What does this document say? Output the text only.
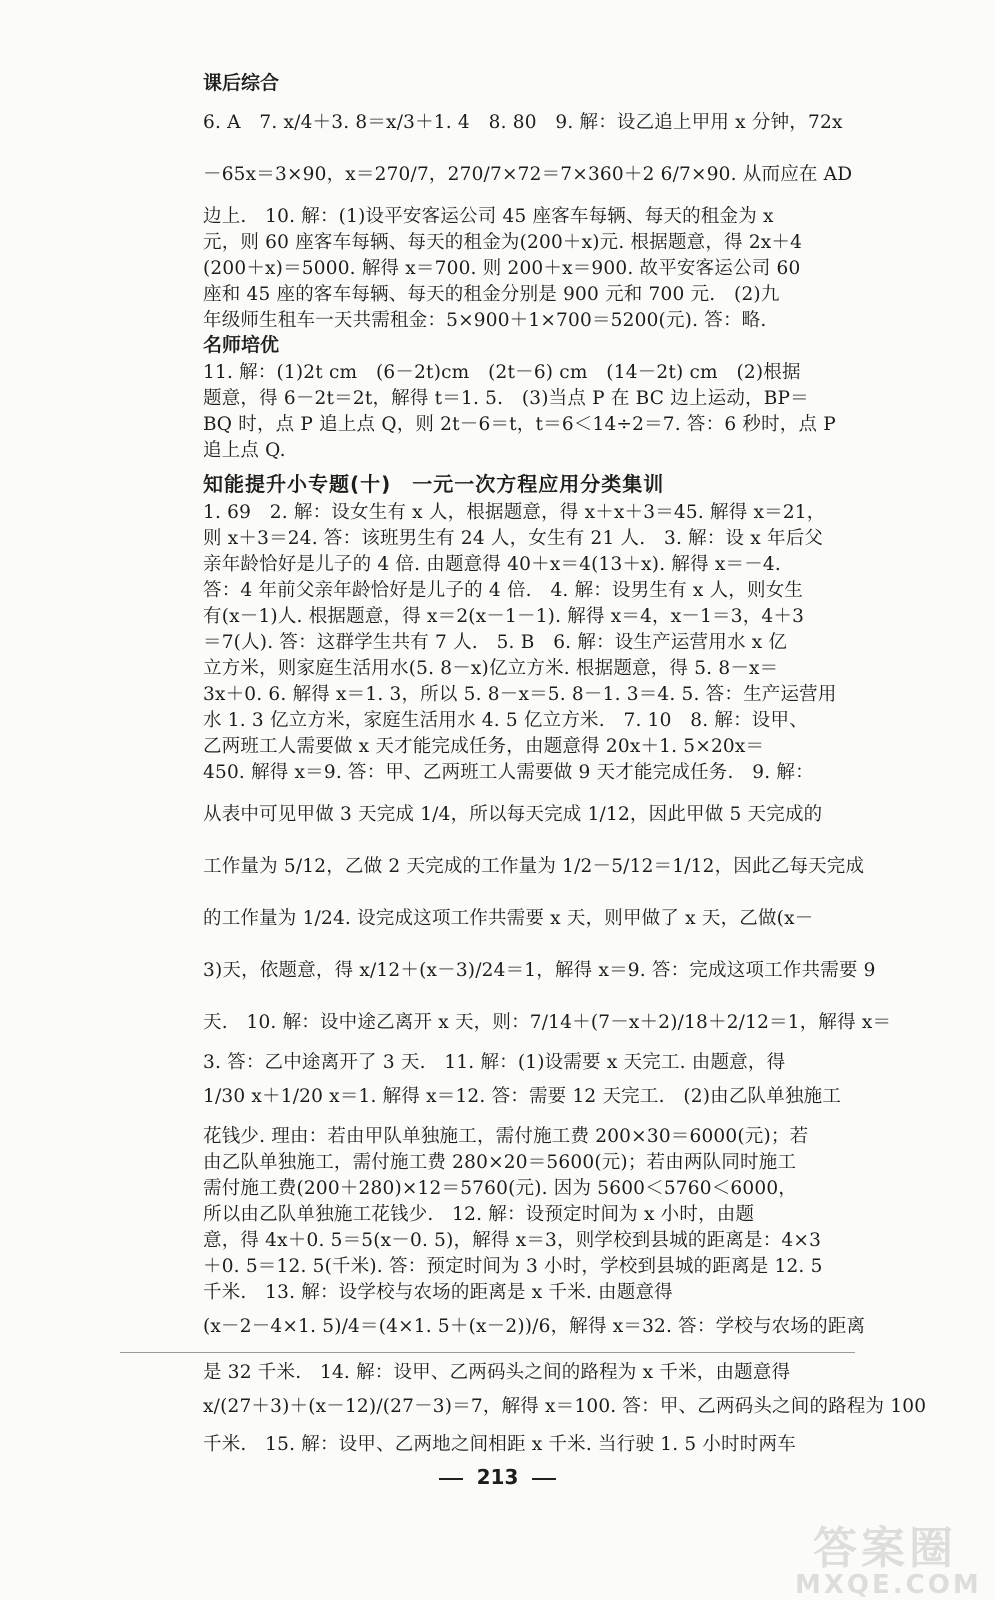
课后综合
6. A　7. x/4＋3. 8＝x/3＋1. 4　8. 80　9. 解：设乙追上甲用 x 分钟，72x
－65x＝3×90，x＝270/7，270/7×72＝7×360＋2 6/7×90. 从而应在 AD
边上.　10. 解：(1)设平安客运公司 45 座客车每辆、每天的租金为 x
元，则 60 座客车每辆、每天的租金为(200＋x)元. 根据题意，得 2x＋4
(200＋x)＝5000. 解得 x＝700. 则 200＋x＝900. 故平安客运公司 60
座和 45 座的客车每辆、每天的租金分别是 900 元和 700 元.　(2)九
年级师生租车一天共需租金：5×900＋1×700＝5200(元). 答：略.
名师培优
11. 解：(1)2t cm　(6－2t)cm　(2t－6) cm　(14－2t) cm　(2)根据
题意，得 6－2t＝2t，解得 t＝1. 5.　(3)当点 P 在 BC 边上运动，BP＝
BQ 时，点 P 追上点 Q，则 2t－6＝t，t＝6＜14÷2＝7. 答：6 秒时，点 P
追上点 Q.
知能提升小专题(十)　一元一次方程应用分类集训
1. 69　2. 解：设女生有 x 人，根据题意，得 x＋x＋3＝45. 解得 x＝21，
则 x＋3＝24. 答：该班男生有 24 人，女生有 21 人.　3. 解：设 x 年后父
亲年龄恰好是儿子的 4 倍. 由题意得 40＋x＝4(13＋x). 解得 x＝－4.
答：4 年前父亲年龄恰好是儿子的 4 倍.　4. 解：设男生有 x 人，则女生
有(x－1)人. 根据题意，得 x＝2(x－1－1). 解得 x＝4，x－1＝3，4＋3
＝7(人). 答：这群学生共有 7 人.　5. B　6. 解：设生产运营用水 x 亿
立方米，则家庭生活用水(5. 8－x)亿立方米. 根据题意，得 5. 8－x＝
3x＋0. 6. 解得 x＝1. 3，所以 5. 8－x＝5. 8－1. 3＝4. 5. 答：生产运营用
水 1. 3 亿立方米，家庭生活用水 4. 5 亿立方米.　7. 10　8. 解：设甲、
乙两班工人需要做 x 天才能完成任务，由题意得 20x＋1. 5×20x＝
450. 解得 x＝9. 答：甲、乙两班工人需要做 9 天才能完成任务.　9. 解：
从表中可见甲做 3 天完成 1/4，所以每天完成 1/12，因此甲做 5 天完成的
工作量为 5/12，乙做 2 天完成的工作量为 1/2－5/12＝1/12，因此乙每天完成
的工作量为 1/24. 设完成这项工作共需要 x 天，则甲做了 x 天，乙做(x－
3)天，依题意，得 x/12＋(x－3)/24＝1，解得 x＝9. 答：完成这项工作共需要 9
天.　10. 解：设中途乙离开 x 天，则：7/14＋(7－x＋2)/18＋2/12＝1，解得 x＝
3. 答：乙中途离开了 3 天.　11. 解：(1)设需要 x 天完工. 由题意，得
1/30 x＋1/20 x＝1. 解得 x＝12. 答：需要 12 天完工.　(2)由乙队单独施工
花钱少. 理由：若由甲队单独施工，需付施工费 200×30＝6000(元)；若
由乙队单独施工，需付施工费 280×20＝5600(元)；若由两队同时施工
需付施工费(200＋280)×12＝5760(元). 因为 5600＜5760＜6000，
所以由乙队单独施工花钱少.　12. 解：设预定时间为 x 小时，由题
意，得 4x＋0. 5＝5(x－0. 5)，解得 x＝3，则学校到县城的距离是：4×3
＋0. 5＝12. 5(千米). 答：预定时间为 3 小时，学校到县城的距离是 12. 5
千米.　13. 解：设学校与农场的距离是 x 千米. 由题意得
(x－2－4×1. 5)/4＝(4×1. 5＋(x－2))/6，解得 x＝32. 答：学校与农场的距离
是 32 千米.　14. 解：设甲、乙两码头之间的路程为 x 千米，由题意得
x/(27＋3)＋(x－12)/(27－3)＝7，解得 x＝100. 答：甲、乙两码头之间的路程为 100
千米.　15. 解：设甲、乙两地之间相距 x 千米. 当行驶 1. 5 小时时两车
213
答案圈
MXQE.COM
